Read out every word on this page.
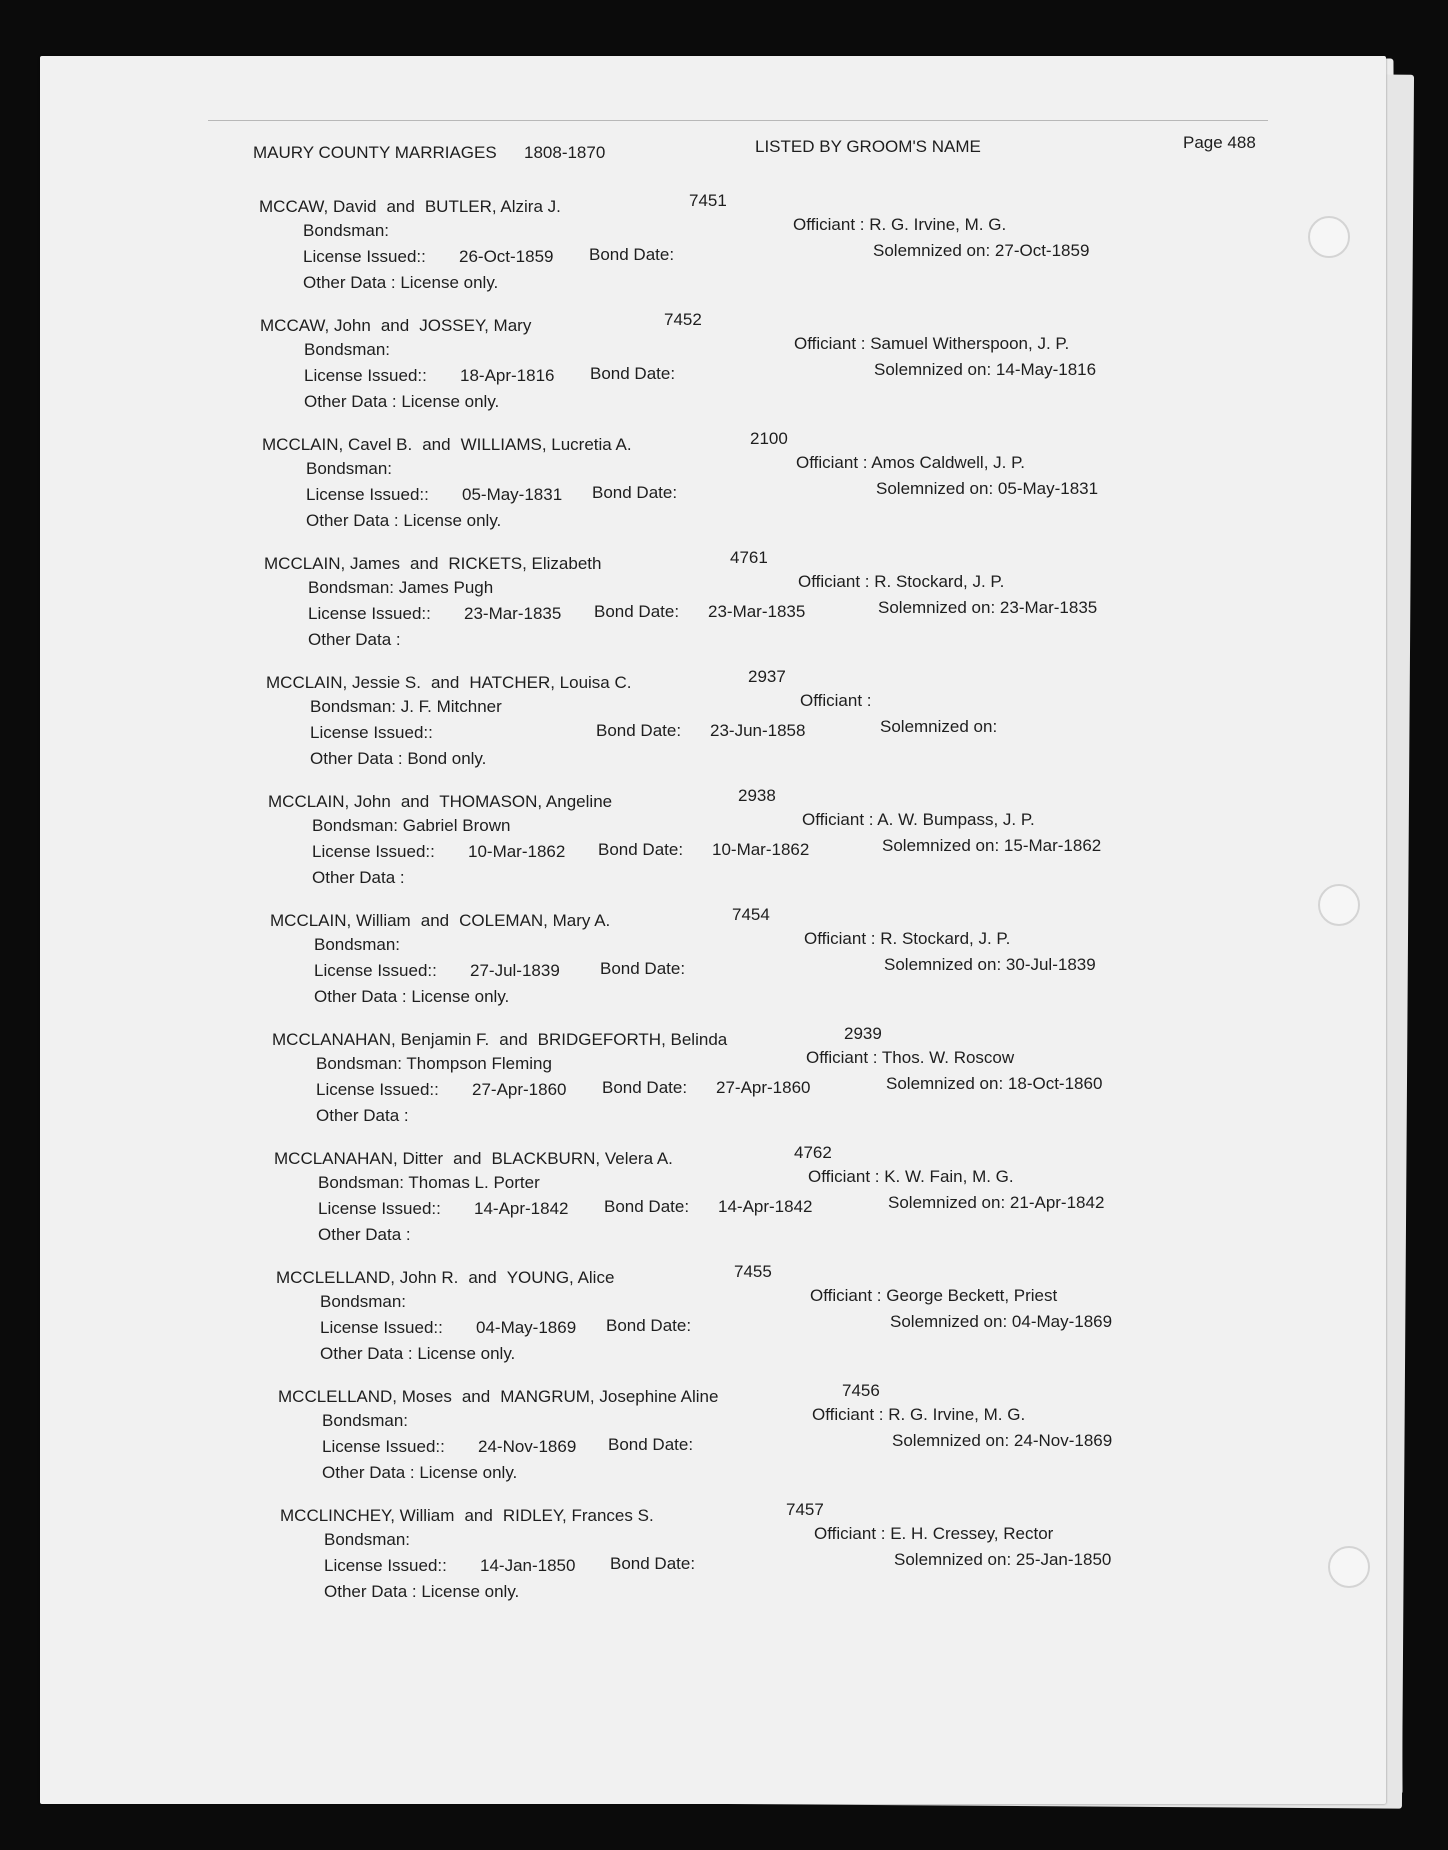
MAURY COUNTY MARRIAGES 1808-1870	LISTED BY GROOM'S NAME	Page 488
MCCAW, David and BUTLER, Alzira J.	7451
Officiant : R. G. Irvine, M. G.
Bondsman:
License Issued:: 26-Oct-1859 Bond Date:	Solemnized on: 27-Oct-1859
Other Data : License only.
MCCAW, John and JOSSEY, Mary	7452
Officiant : Samuel Witherspoon, J. P.
Bondsman:
License Issued:: 18-Apr-1816 Bond Date:	Solemnized on: 14-May-1816
Other Data : License only.
MCCLAIN, Cavel B. and WILLIAMS, Lucretia A.	2100
Officiant : Amos Caldwell, J. P.
Bondsman:
License Issued:: 05-May-1831 Bond Date:	Solemnized on: 05-May-1831
Other Data : License only.
MCCLAIN, James and RICKETS, Elizabeth	4761
Officiant : R. Stockard, J. P.
Bondsman: James Pugh
License Issued:: 23-Mar-1835 Bond Date: 23-Mar-1835	Solemnized on: 23-Mar-1835
Other Data :
MCCLAIN, Jessie S. and HATCHER, Louisa C.	2937
Officiant :
Bondsman: J. F. Mitchner
License Issued::	Bond Date: 23-Jun-1858	Solemnized on:
Other Data : Bond only.
MCCLAIN, John and THOMASON, Angeline	2938
Officiant : A. W. Bumpass, J. P.
Bondsman: Gabriel Brown
License Issued:: 10-Mar-1862 Bond Date: 10-Mar-1862	Solemnized on: 15-Mar-1862
Other Data :
MCCLAIN, William and COLEMAN, Mary A.	7454
Officiant : R. Stockard, J. P.
Bondsman:
License Issued:: 27-Jul-1839 Bond Date:	Solemnized on: 30-Jul-1839
Other Data : License only.
MCCLANAHAN, Benjamin F. and BRIDGEFORTH, Belinda	2939
Officiant : Thos. W. Roscow
Bondsman: Thompson Fleming
License Issued:: 27-Apr-1860 Bond Date: 27-Apr-1860	Solemnized on: 18-Oct-1860
Other Data :
MCCLANAHAN, Ditter and BLACKBURN, Velera A.	4762
Officiant : K. W. Fain, M. G.
Bondsman: Thomas L. Porter
License Issued:: 14-Apr-1842 Bond Date: 14-Apr-1842	Solemnized on: 21-Apr-1842
Other Data :
MCCLELLAND, John R. and YOUNG, Alice	7455
Officiant : George Beckett, Priest
Bondsman:
License Issued:: 04-May-1869 Bond Date:	Solemnized on: 04-May-1869
Other Data : License only.
MCCLELLAND, Moses and MANGRUM, Josephine Aline	7456
Officiant : R. G. Irvine, M. G.
Bondsman:
License Issued:: 24-Nov-1869 Bond Date:	Solemnized on: 24-Nov-1869
Other Data : License only.
MCCLINCHEY, William and RIDLEY, Frances S.	7457
Officiant : E. H. Cressey, Rector
Bondsman:
License Issued:: 14-Jan-1850 Bond Date:	Solemnized on: 25-Jan-1850
Other Data : License only.
